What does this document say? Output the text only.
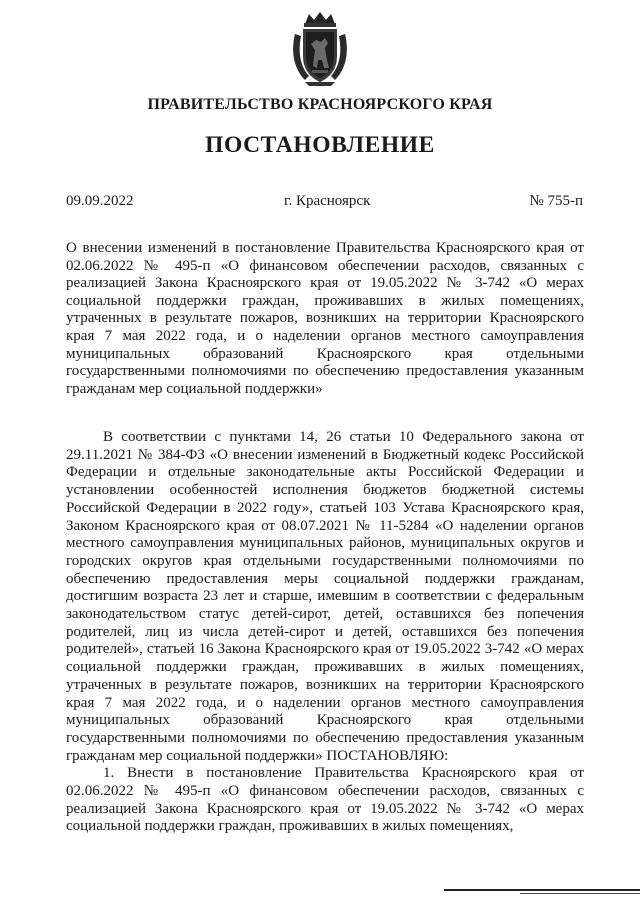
ПРАВИТЕЛЬСТВО КРАСНОЯРСКОГО КРАЯ
ПОСТАНОВЛЕНИЕ
09.09.2022	г. Красноярск	№ 755-п
О внесении изменений в постановление Правительства Красноярского края от 02.06.2022 № 495-п «О финансовом обеспечении расходов, связанных с реализацией Закона Красноярского края от 19.05.2022 № 3-742 «О мерах социальной поддержки граждан, проживавших в жилых помещениях, утраченных в результате пожаров, возникших на территории Красноярского края 7 мая 2022 года, и о наделении органов местного самоуправления муниципальных образований Красноярского края отдельными государственными полномочиями по обеспечению предоставления указанным гражданам мер социальной поддержки»

В соответствии с пунктами 14, 26 статьи 10 Федерального закона от 29.11.2021 № 384-ФЗ «О внесении изменений в Бюджетный кодекс Российской Федерации и отдельные законодательные акты Российской Федерации и установлении особенностей исполнения бюджетов бюджетной системы Российской Федерации в 2022 году», статьей 103 Устава Красноярского края, Законом Красноярского края от 08.07.2021 № 11-5284 «О наделении органов местного самоуправления муниципальных районов, муниципальных округов и городских округов края отдельными государственными полномочиями по обеспечению предоставления меры социальной поддержки гражданам, достигшим возраста 23 лет и старше, имевшим в соответствии с федеральным законодательством статус детей-сирот, детей, оставшихся без попечения родителей, лиц из числа детей-сирот и детей, оставшихся без попечения родителей», статьей 16 Закона Красноярского края от 19.05.2022 3-742 «О мерах социальной поддержки граждан, проживавших в жилых помещениях, утраченных в результате пожаров, возникших на территории Красноярского края 7 мая 2022 года, и о наделении органов местного самоуправления муниципальных образований Красноярского края отдельными государственными полномочиями по обеспечению предоставления указанным гражданам мер социальной поддержки» ПОСТАНОВЛЯЮ:

1. Внести в постановление Правительства Красноярского края от 02.06.2022 № 495-п «О финансовом обеспечении расходов, связанных с реализацией Закона Красноярского края от 19.05.2022 № 3-742 «О мерах социальной поддержки граждан, проживавших в жилых помещениях,
